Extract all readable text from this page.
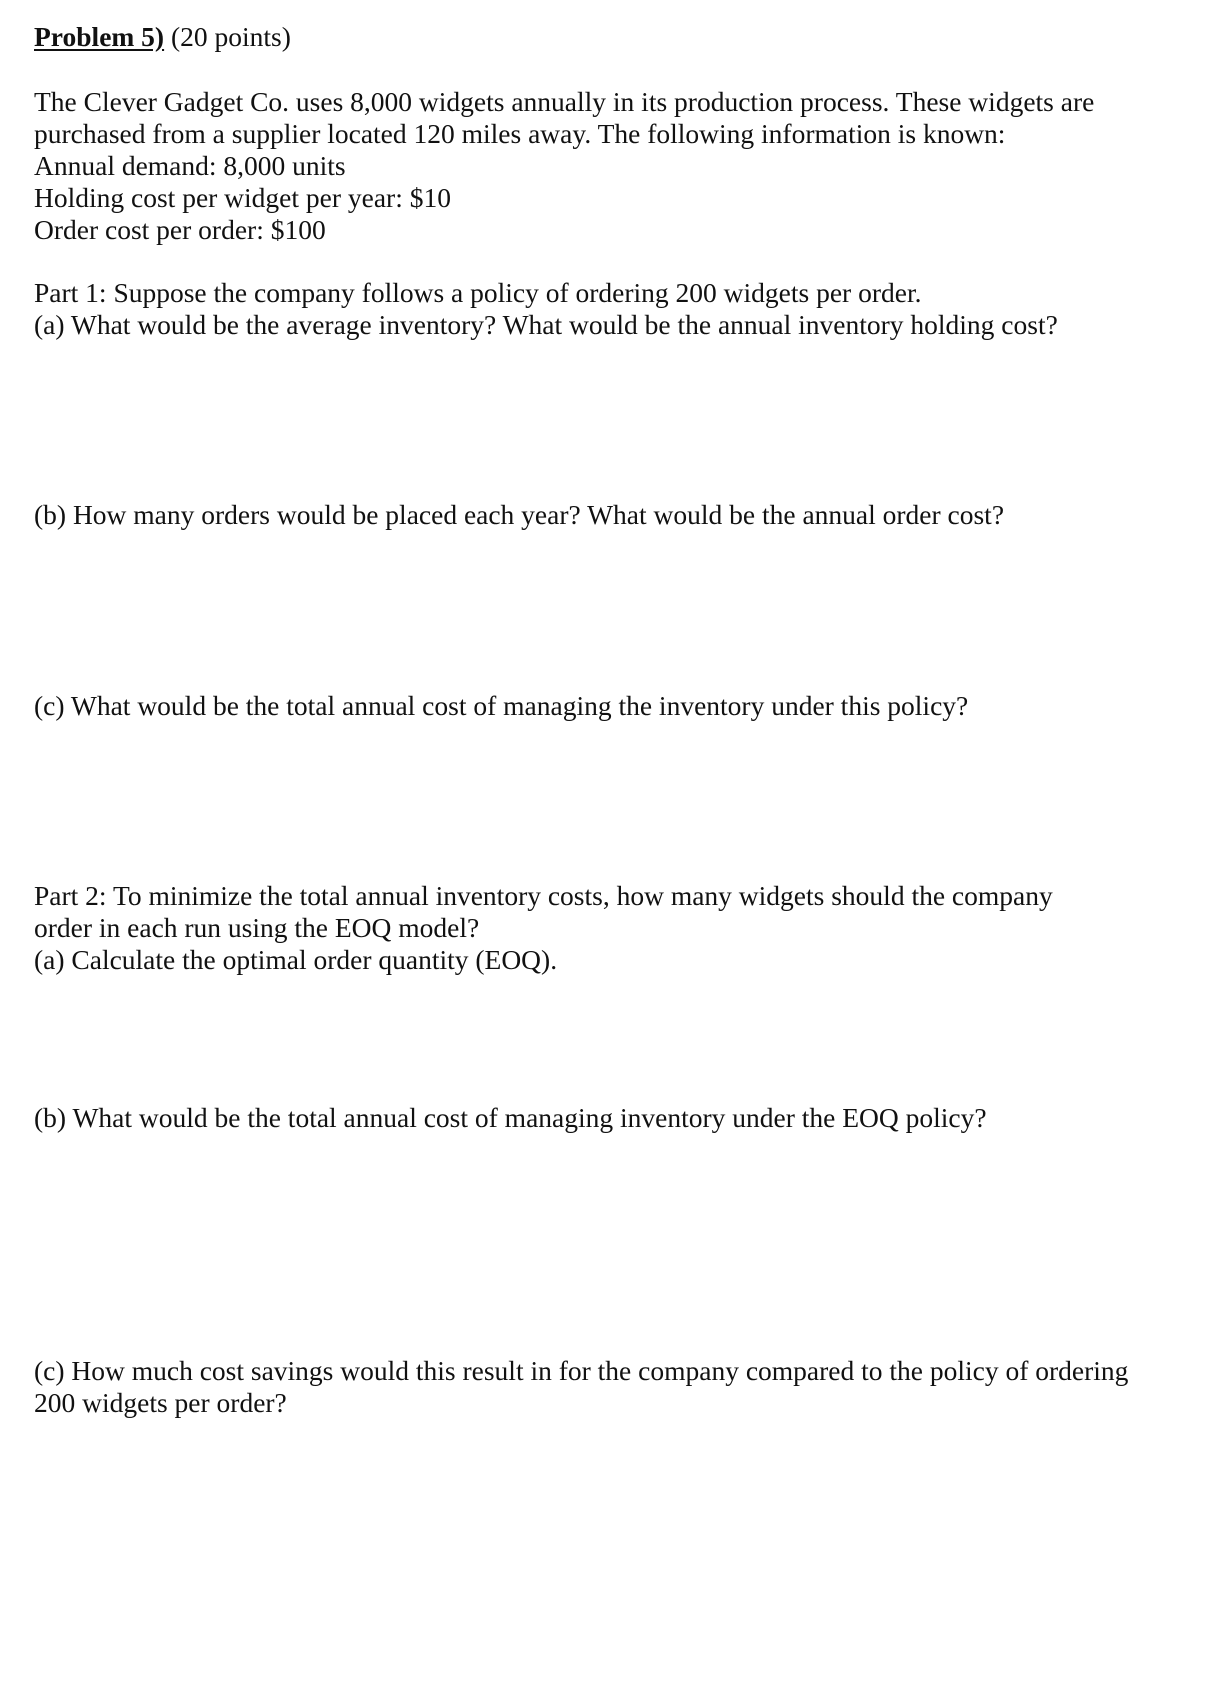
Problem 5) (20 points)
The Clever Gadget Co. uses 8,000 widgets annually in its production process. These widgets are
purchased from a supplier located 120 miles away. The following information is known:
Annual demand: 8,000 units
Holding cost per widget per year: $10
Order cost per order: $100
Part 1: Suppose the company follows a policy of ordering 200 widgets per order.
(a) What would be the average inventory? What would be the annual inventory holding cost?
(b) How many orders would be placed each year? What would be the annual order cost?
(c) What would be the total annual cost of managing the inventory under this policy?
Part 2: To minimize the total annual inventory costs, how many widgets should the company
order in each run using the EOQ model?
(a) Calculate the optimal order quantity (EOQ).
(b) What would be the total annual cost of managing inventory under the EOQ policy?
(c) How much cost savings would this result in for the company compared to the policy of ordering
200 widgets per order?
